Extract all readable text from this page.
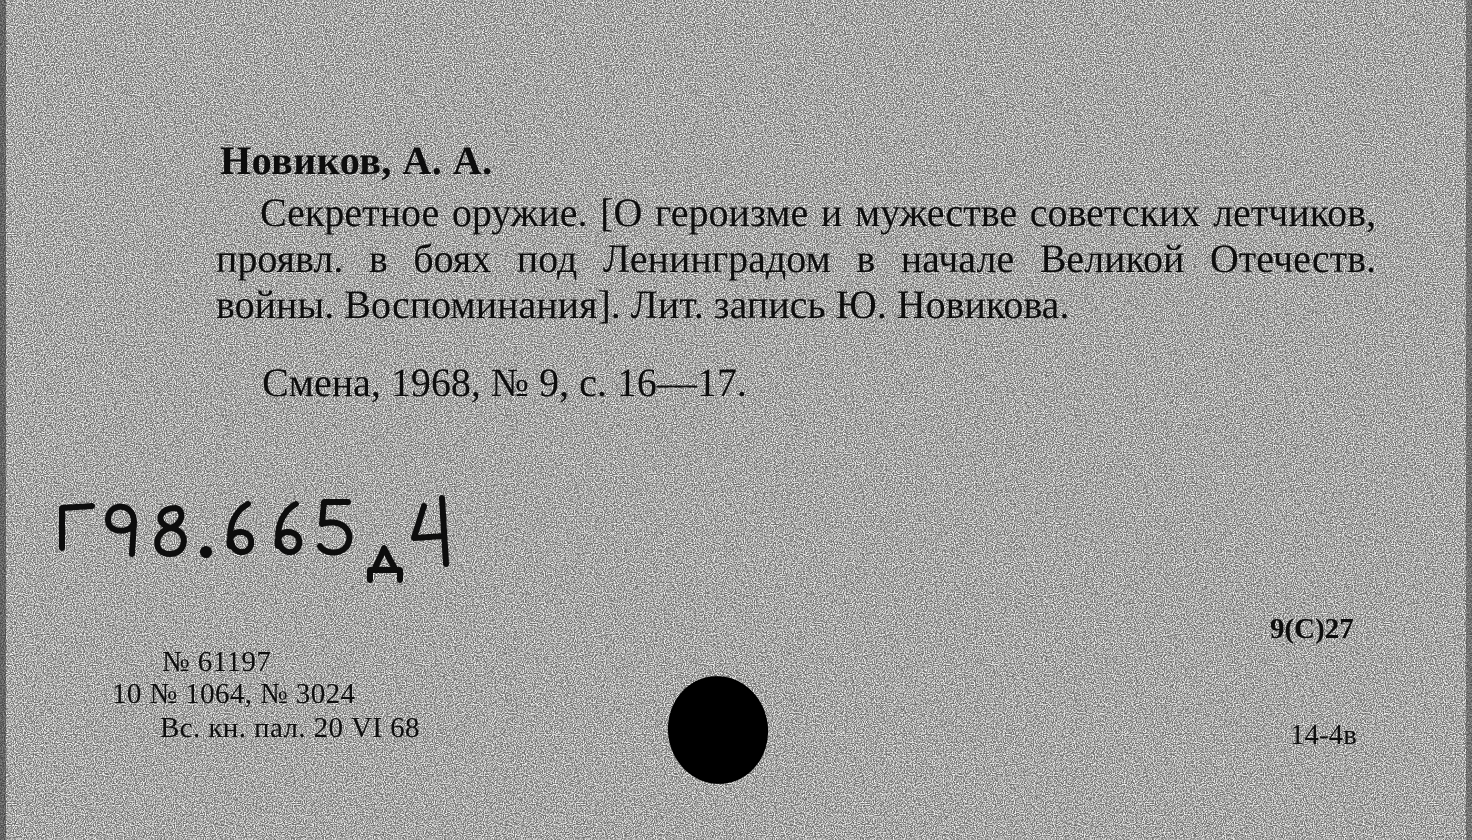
Новиков, А. А.
Секретное оружие. [О героизме и мужестве советских летчиков, проявл. в боях под Ленинградом в начале Великой Отечеств. войны. Воспоминания]. Лит. запись Ю. Новикова.
Смена, 1968, № 9, с. 16—17.
№ 61197
10 № 1064, № 3024
Вс. кн. пал. 20 VI 68
9(С)27
14-4в
